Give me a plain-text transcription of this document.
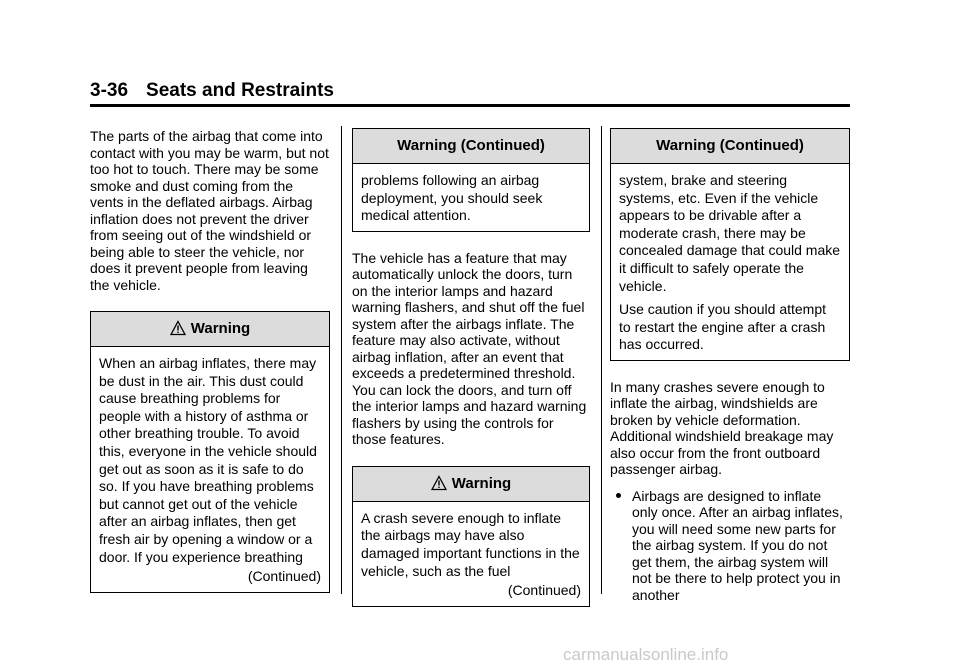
3-36 Seats and Restraints

The parts of the airbag that come into contact with you may be warm, but not too hot to touch. There may be some smoke and dust coming from the vents in the deflated airbags. Airbag inflation does not prevent the driver from seeing out of the windshield or being able to steer the vehicle, nor does it prevent people from leaving the vehicle.

Warning

When an airbag inflates, there may be dust in the air. This dust could cause breathing problems for people with a history of asthma or other breathing trouble. To avoid this, everyone in the vehicle should get out as soon as it is safe to do so. If you have breathing problems but cannot get out of the vehicle after an airbag inflates, then get fresh air by opening a window or a door. If you experience breathing

(Continued)
Warning (Continued)

problems following an airbag deployment, you should seek medical attention.

The vehicle has a feature that may automatically unlock the doors, turn on the interior lamps and hazard warning flashers, and shut off the fuel system after the airbags inflate. The feature may also activate, without airbag inflation, after an event that exceeds a predetermined threshold. You can lock the doors, and turn off the interior lamps and hazard warning flashers by using the controls for those features.

Warning

A crash severe enough to inflate the airbags may have also damaged important functions in the vehicle, such as the fuel

(Continued)
Warning (Continued)

system, brake and steering systems, etc. Even if the vehicle appears to be drivable after a moderate crash, there may be concealed damage that could make it difficult to safely operate the vehicle.

Use caution if you should attempt to restart the engine after a crash has occurred.

In many crashes severe enough to inflate the airbag, windshields are broken by vehicle deformation. Additional windshield breakage may also occur from the front outboard passenger airbag.

Airbags are designed to inflate only once. After an airbag inflates, you will need some new parts for the airbag system. If you do not get them, the airbag system will not be there to help protect you in another
carmanualsonline.info
